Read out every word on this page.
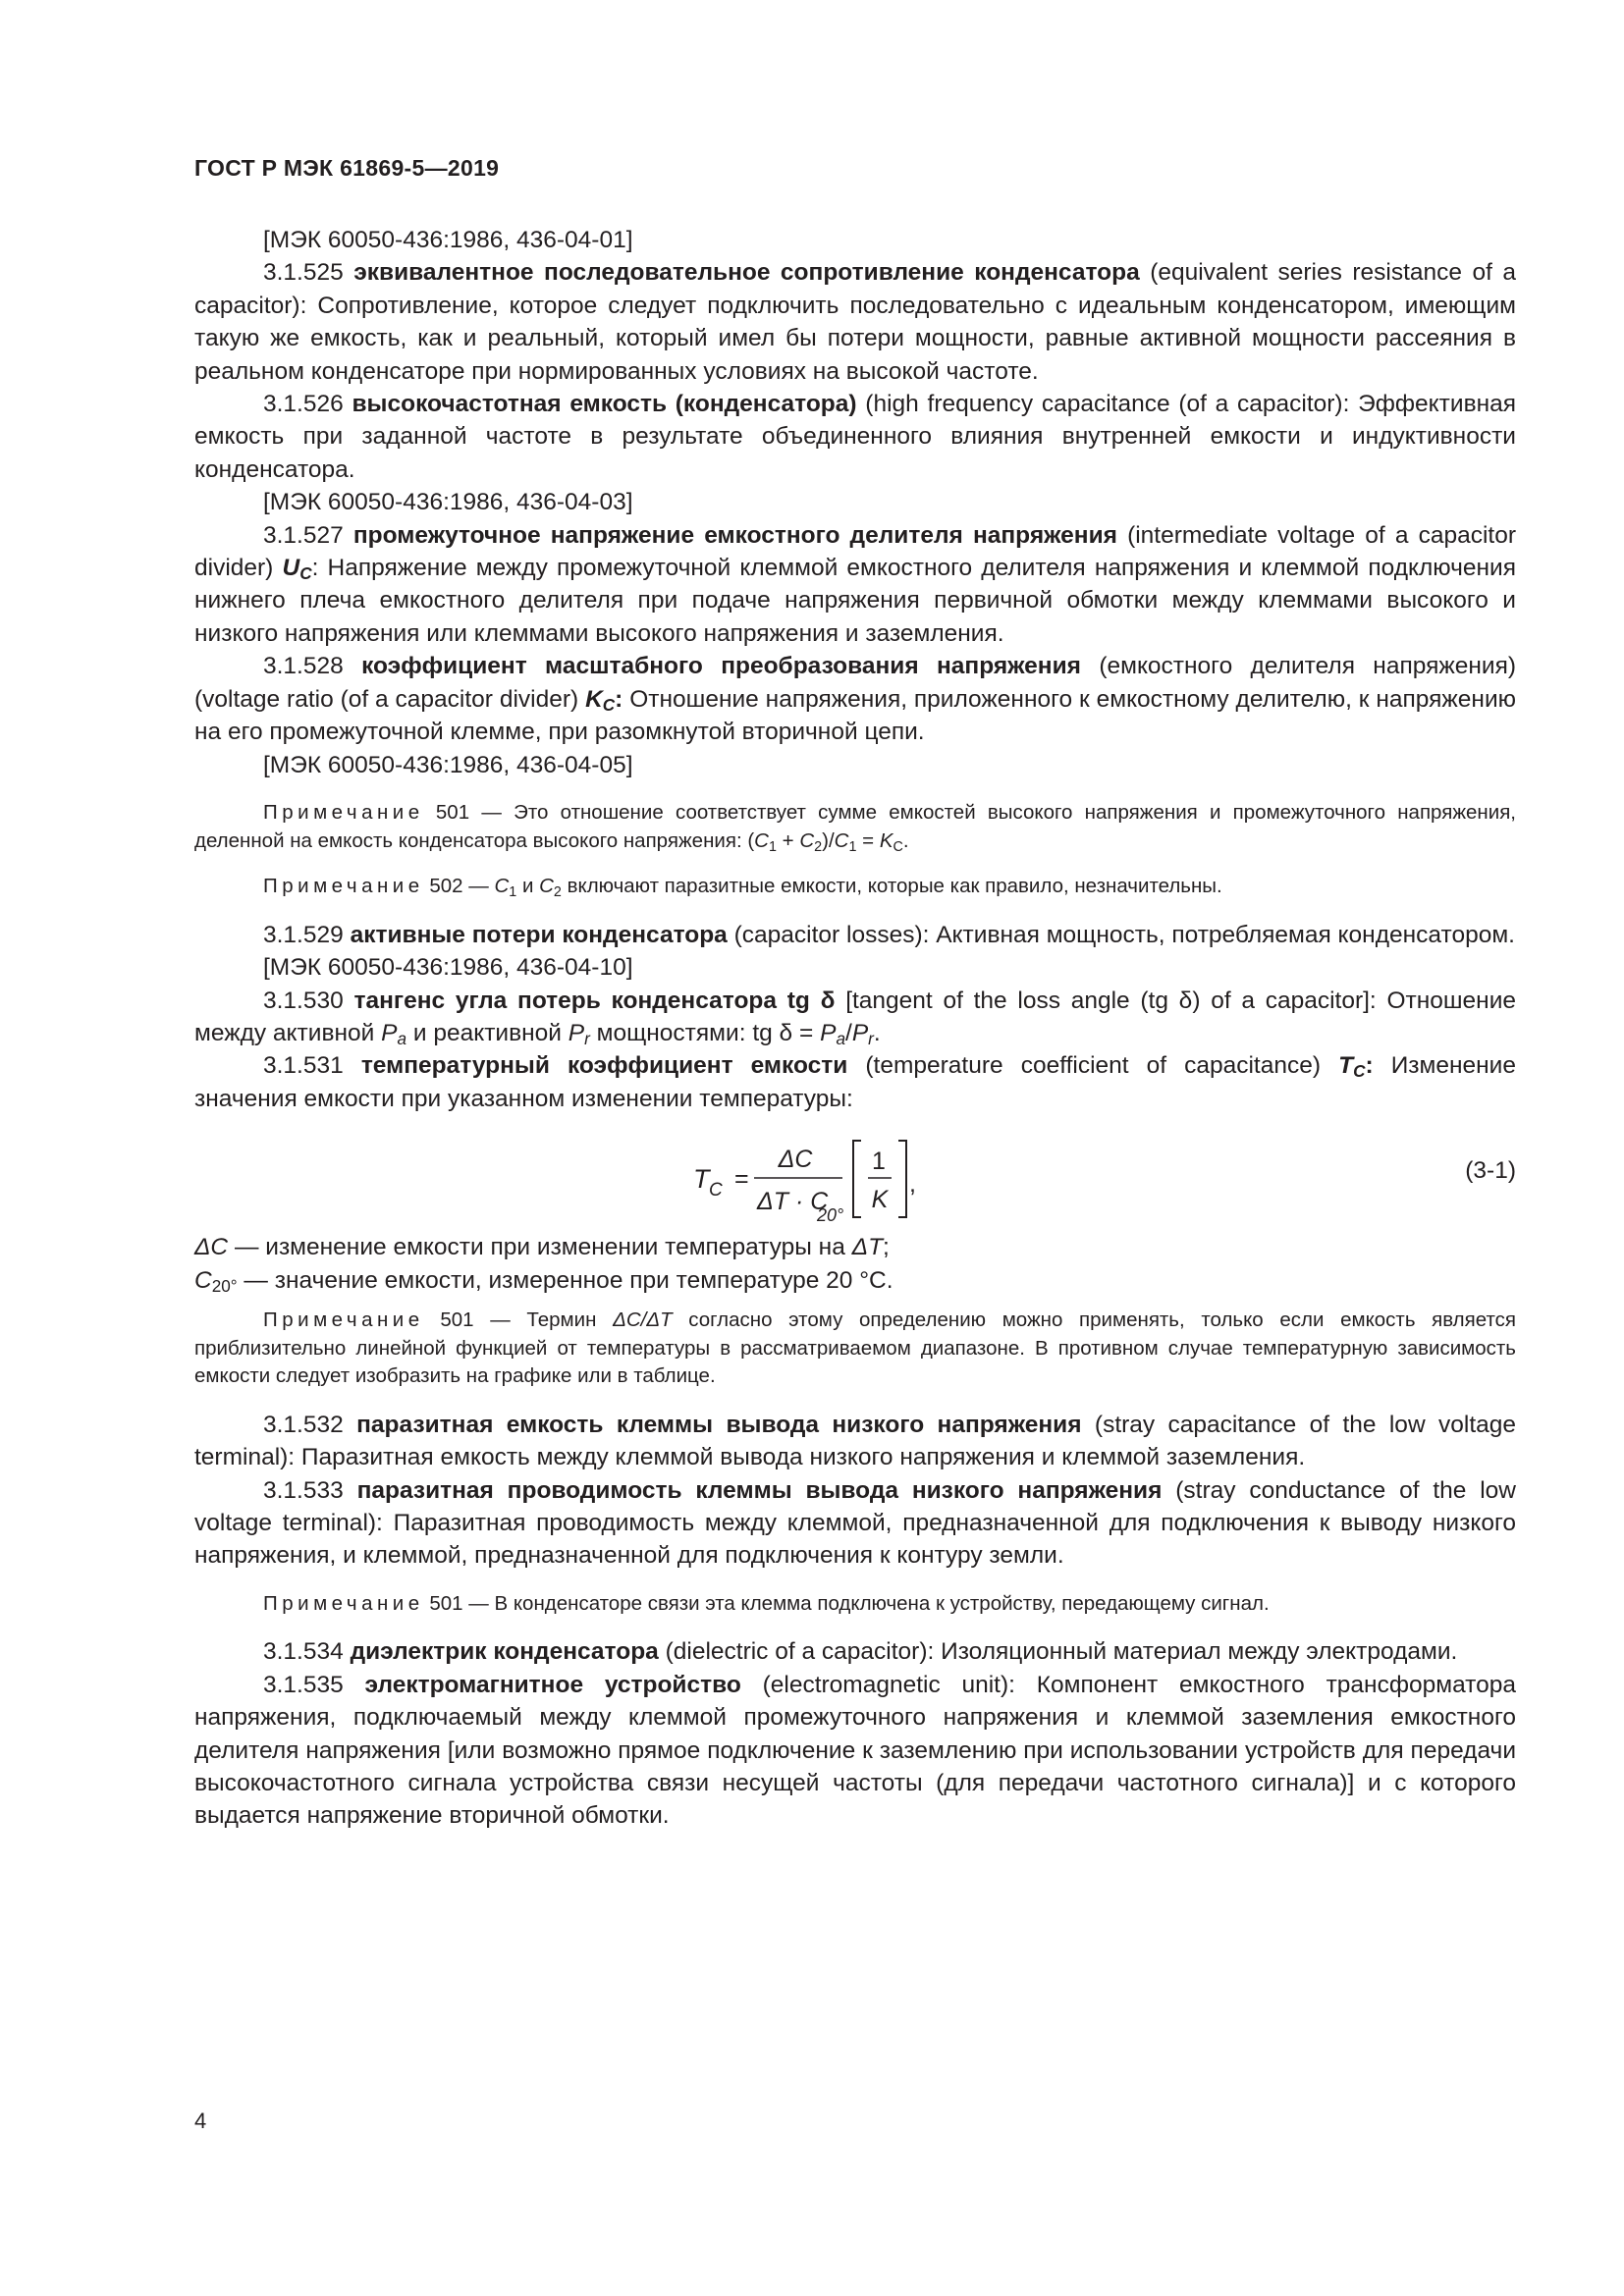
ГОСТ Р МЭК 61869-5—2019

[МЭК 60050-436:1986, 436-04-01]

3.1.525 эквивалентное последовательное сопротивление конденсатора (equivalent series resistance of a capacitor): Сопротивление, которое следует подключить последовательно с идеальным конденсатором, имеющим такую же емкость, как и реальный, который имел бы потери мощности, равные активной мощности рассеяния в реальном конденсаторе при нормированных условиях на высокой частоте.

3.1.526 высокочастотная емкость (конденсатора) (high frequency capacitance (of a capacitor): Эффективная емкость при заданной частоте в результате объединенного влияния внутренней емкости и индуктивности конденсатора.

[МЭК 60050-436:1986, 436-04-03]

3.1.527 промежуточное напряжение емкостного делителя напряжения (intermediate voltage of a capacitor divider) $U_C$: Напряжение между промежуточной клеммой емкостного делителя напряжения и клеммой подключения нижнего плеча емкостного делителя при подаче напряжения первичной обмотки между клеммами высокого и низкого напряжения или клеммами высокого напряжения и заземления.

3.1.528 коэффициент масштабного преобразования напряжения (емкостного делителя напряжения) (voltage ratio (of a capacitor divider) $K_C$: Отношение напряжения, приложенного к емкостному делителю, к напряжению на его промежуточной клемме, при разомкнутой вторичной цепи.

[МЭК 60050-436:1986, 436-04-05]

Примечание 501 — Это отношение соответствует сумме емкостей высокого напряжения и промежуточного напряжения, деленной на емкость конденсатора высокого напряжения: $(C_1 + C_2)/C_1 = K_C$.

Примечание 502 — $C_1$ и $C_2$ включают паразитные емкости, которые как правило, незначительны.

3.1.529 активные потери конденсатора (capacitor losses): Активная мощность, потребляемая конденсатором.

[МЭК 60050-436:1986, 436-04-10]

3.1.530 тангенс угла потерь конденсатора tg δ [tangent of the loss angle (tg δ) of a capacitor]: Отношение между активной $P_a$ и реактивной $P_r$ мощностями: tg $\delta = P_a/P_r$.

3.1.531 температурный коэффициент емкости (temperature coefficient of capacitance) $T_C$: Изменение значения емкости при указанном изменении температуры:

T C =
ΔC
ΔT · C
20°
1
K
,	(3-1)

ΔC — изменение емкости при изменении температуры на ΔT;

$C_{20^\circ}$ — значение емкости, измеренное при температуре 20 °С.

Примечание 501 — Термин ΔC/ΔT согласно этому определению можно применять, только если емкость является приблизительно линейной функцией от температуры в рассматриваемом диапазоне. В противном случае температурную зависимость емкости следует изобразить на графике или в таблице.

3.1.532 паразитная емкость клеммы вывода низкого напряжения (stray capacitance of the low voltage terminal): Паразитная емкость между клеммой вывода низкого напряжения и клеммой заземления.

3.1.533 паразитная проводимость клеммы вывода низкого напряжения (stray conductance of the low voltage terminal): Паразитная проводимость между клеммой, предназначенной для подключения к выводу низкого напряжения, и клеммой, предназначенной для подключения к контуру земли.

Примечание 501 — В конденсаторе связи эта клемма подключена к устройству, передающему сигнал.

3.1.534 диэлектрик конденсатора (dielectric of a capacitor): Изоляционный материал между электродами.

3.1.535 электромагнитное устройство (electromagnetic unit): Компонент емкостного трансформатора напряжения, подключаемый между клеммой промежуточного напряжения и клеммой заземления емкостного делителя напряжения [или возможно прямое подключение к заземлению при использовании устройств для передачи высокочастотного сигнала устройства связи несущей частоты (для передачи частотного сигнала)] и с которого выдается напряжение вторичной обмотки.

4
